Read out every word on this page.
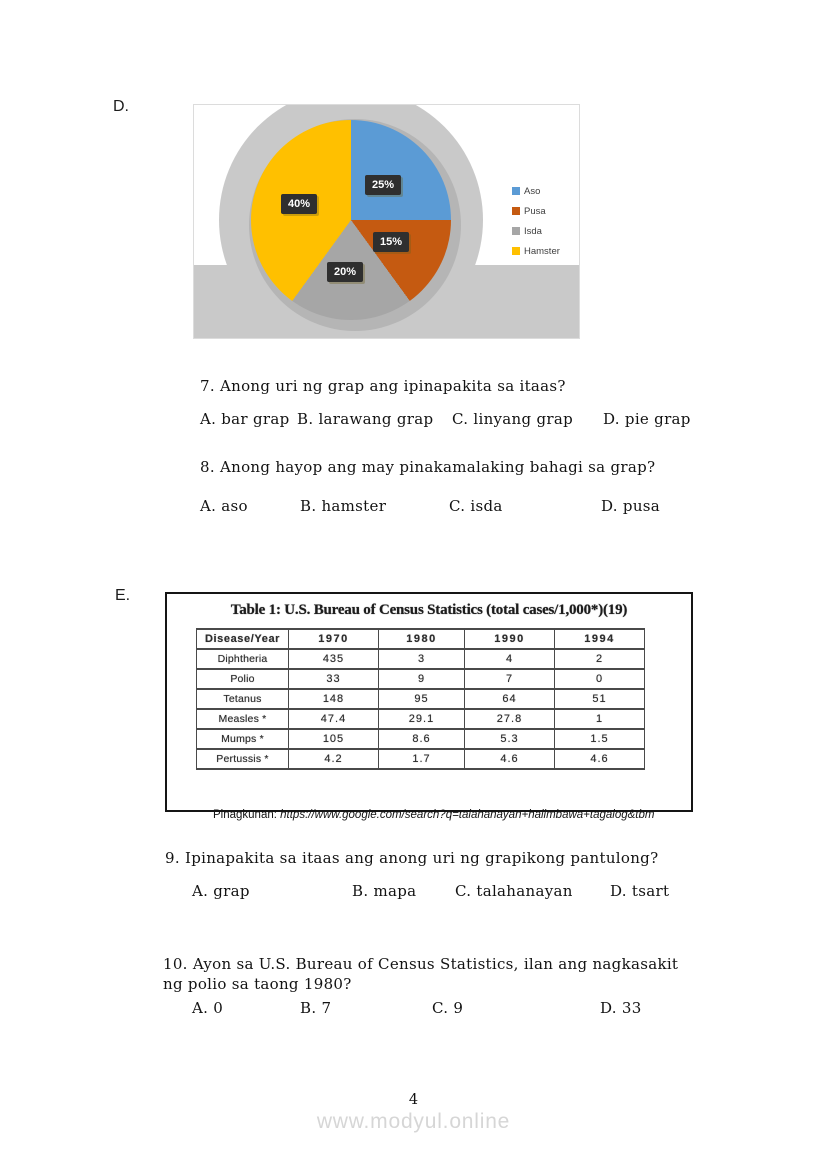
D.
25%
15%
20%
40%
Aso
Pusa
Isda
Hamster
7. Anong uri ng grap ang ipinapakita sa itaas?
A. bar grap B. larawang grap C. linyang grap D. pie grap
8. Anong hayop ang may pinakamalaking bahagi sa grap?
A. aso	B. hamster	C. isda	D. pusa
E.
Table 1: U.S. Bureau of Census Statistics (total cases/1,000*)(19)
Disease/Year	1970	1980	1990	1994
Diphtheria	435	3	4	2
Polio	33	9	7	0
Tetanus	148	95	64	51
Measles *	47.4	29.1	27.8	1
Mumps *	105	8.6	5.3	1.5
Pertussis *	4.2	1.7	4.6	4.6
Pinagkunan: https://www.google.com/search?q=talahanayan+halimbawa+tagalog&tbm
9. Ipinapakita sa itaas ang anong uri ng grapikong pantulong?
A. grap	B. mapa	C. talahanayan D. tsart
10. Ayon sa U.S. Bureau of Census Statistics, ilan ang nagkasakit
ng polio sa taong 1980?
A. 0	B. 7	C. 9	D. 33
4
www.modyul.online
